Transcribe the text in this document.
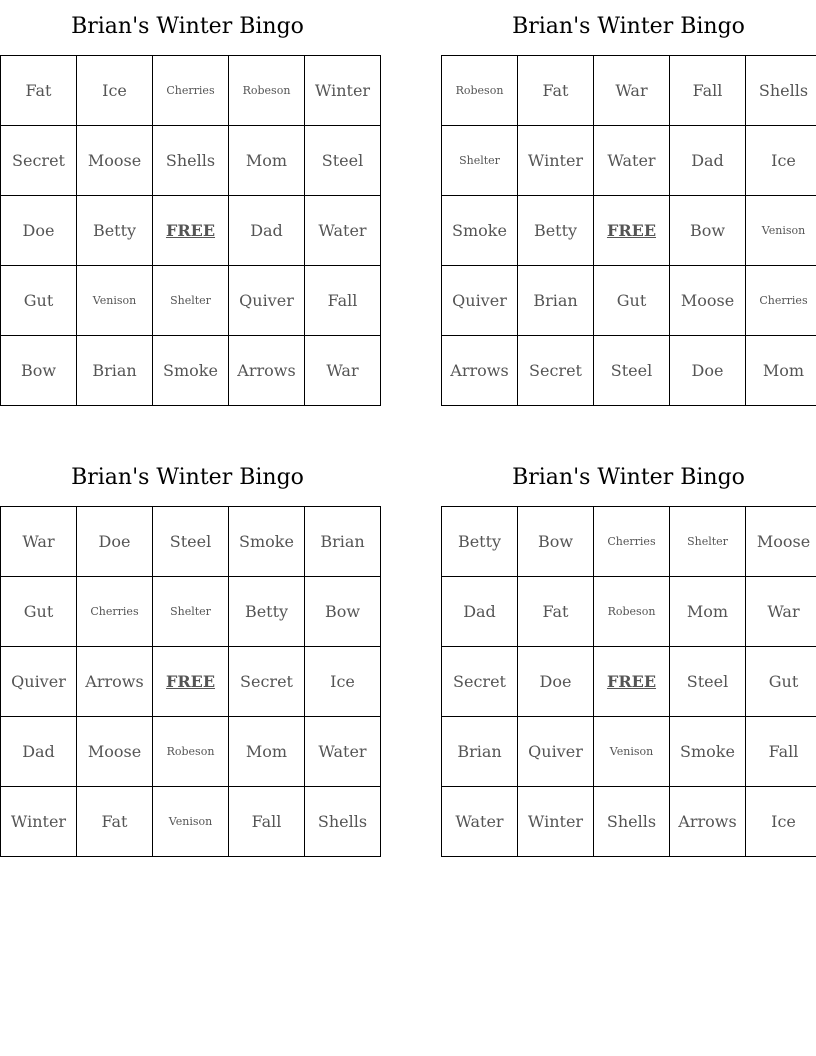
Brian's Winter Bingo
Fat	Ice	Cherries	Robeson	Winter
Secret	Moose	Shells	Mom	Steel
Doe	Betty	FREE	Dad	Water
Gut	Venison	Shelter	Quiver	Fall
Bow	Brian	Smoke	Arrows	War
Brian's Winter Bingo
Robeson	Fat	War	Fall	Shells
Shelter	Winter	Water	Dad	Ice
Smoke	Betty	FREE	Bow	Venison
Quiver	Brian	Gut	Moose	Cherries
Arrows	Secret	Steel	Doe	Mom
Brian's Winter Bingo
War	Doe	Steel	Smoke	Brian
Gut	Cherries	Shelter	Betty	Bow
Quiver	Arrows	FREE	Secret	Ice
Dad	Moose	Robeson	Mom	Water
Winter	Fat	Venison	Fall	Shells
Brian's Winter Bingo
Betty	Bow	Cherries	Shelter	Moose
Dad	Fat	Robeson	Mom	War
Secret	Doe	FREE	Steel	Gut
Brian	Quiver	Venison	Smoke	Fall
Water	Winter	Shells	Arrows	Ice
